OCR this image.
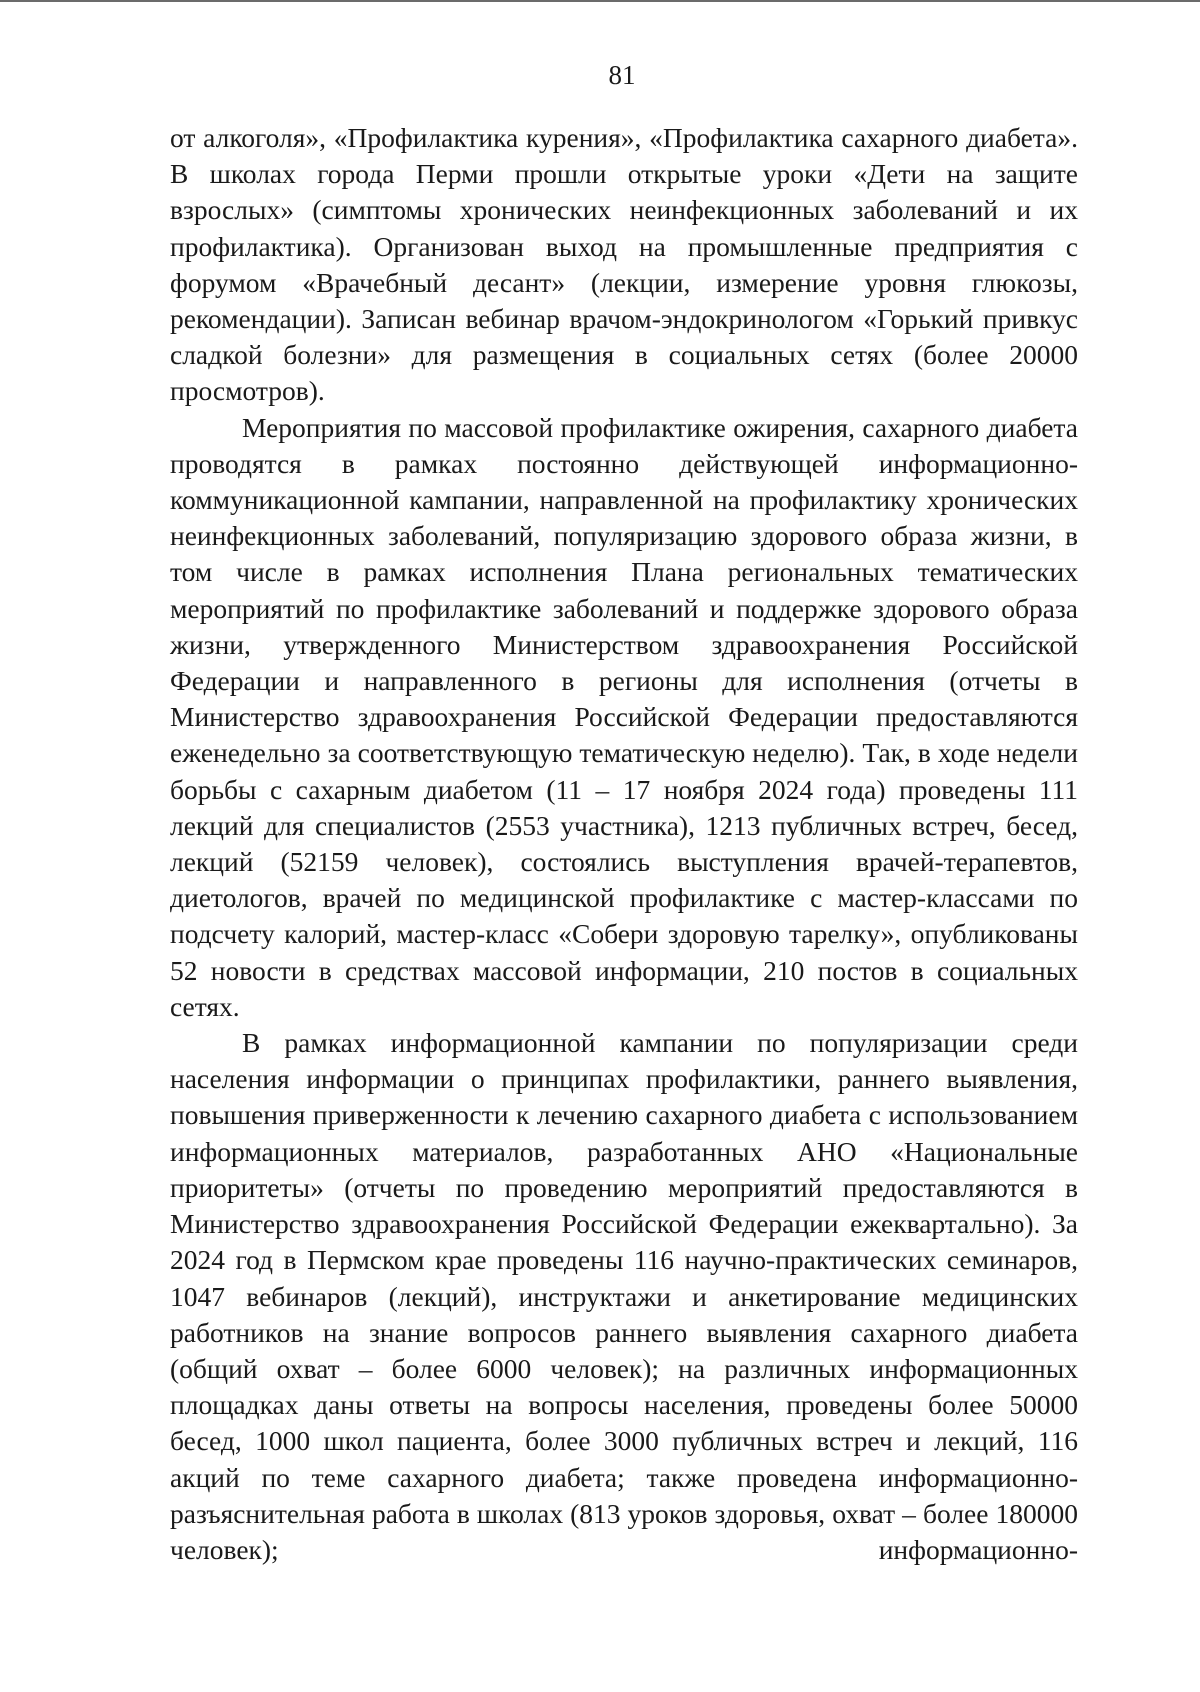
81

от алкоголя», «Профилактика курения», «Профилактика сахарного диабета». В школах города Перми прошли открытые уроки «Дети на защите взрослых» (симптомы хронических неинфекционных заболеваний и их профилактика). Организован выход на промышленные предприятия с форумом «Врачебный десант» (лекции, измерение уровня глюкозы, рекомендации). Записан вебинар врачом-эндокринологом «Горький привкус сладкой болезни» для размещения в социальных сетях (более 20000 просмотров).

Мероприятия по массовой профилактике ожирения, сахарного диабета проводятся в рамках постоянно действующей информационно-коммуникационной кампании, направленной на профилактику хронических неинфекционных заболеваний, популяризацию здорового образа жизни, в том числе в рамках исполнения Плана региональных тематических мероприятий по профилактике заболеваний и поддержке здорового образа жизни, утвержденного Министерством здравоохранения Российской Федерации и направленного в регионы для исполнения (отчеты в Министерство здравоохранения Российской Федерации предоставляются еженедельно за соответствующую тематическую неделю). Так, в ходе недели борьбы с сахарным диабетом (11 – 17 ноября 2024 года) проведены 111 лекций для специалистов (2553 участника), 1213 публичных встреч, бесед, лекций (52159 человек), состоялись выступления врачей-терапевтов, диетологов, врачей по медицинской профилактике с мастер-классами по подсчету калорий, мастер-класс «Собери здоровую тарелку», опубликованы 52 новости в средствах массовой информации, 210 постов в социальных сетях.

В рамках информационной кампании по популяризации среди населения информации о принципах профилактики, раннего выявления, повышения приверженности к лечению сахарного диабета с использованием информационных материалов, разработанных АНО «Национальные приоритеты» (отчеты по проведению мероприятий предоставляются в Министерство здравоохранения Российской Федерации ежеквартально). За 2024 год в Пермском крае проведены 116 научно-практических семинаров, 1047 вебинаров (лекций), инструктажи и анкетирование медицинских работников на знание вопросов раннего выявления сахарного диабета (общий охват – более 6000 человек); на различных информационных площадках даны ответы на вопросы населения, проведены более 50000 бесед, 1000 школ пациента, более 3000 публичных встреч и лекций, 116 акций по теме сахарного диабета; также проведена информационно-разъяснительная работа в школах (813 уроков здоровья, охват – более 180000 человек); информационно-
